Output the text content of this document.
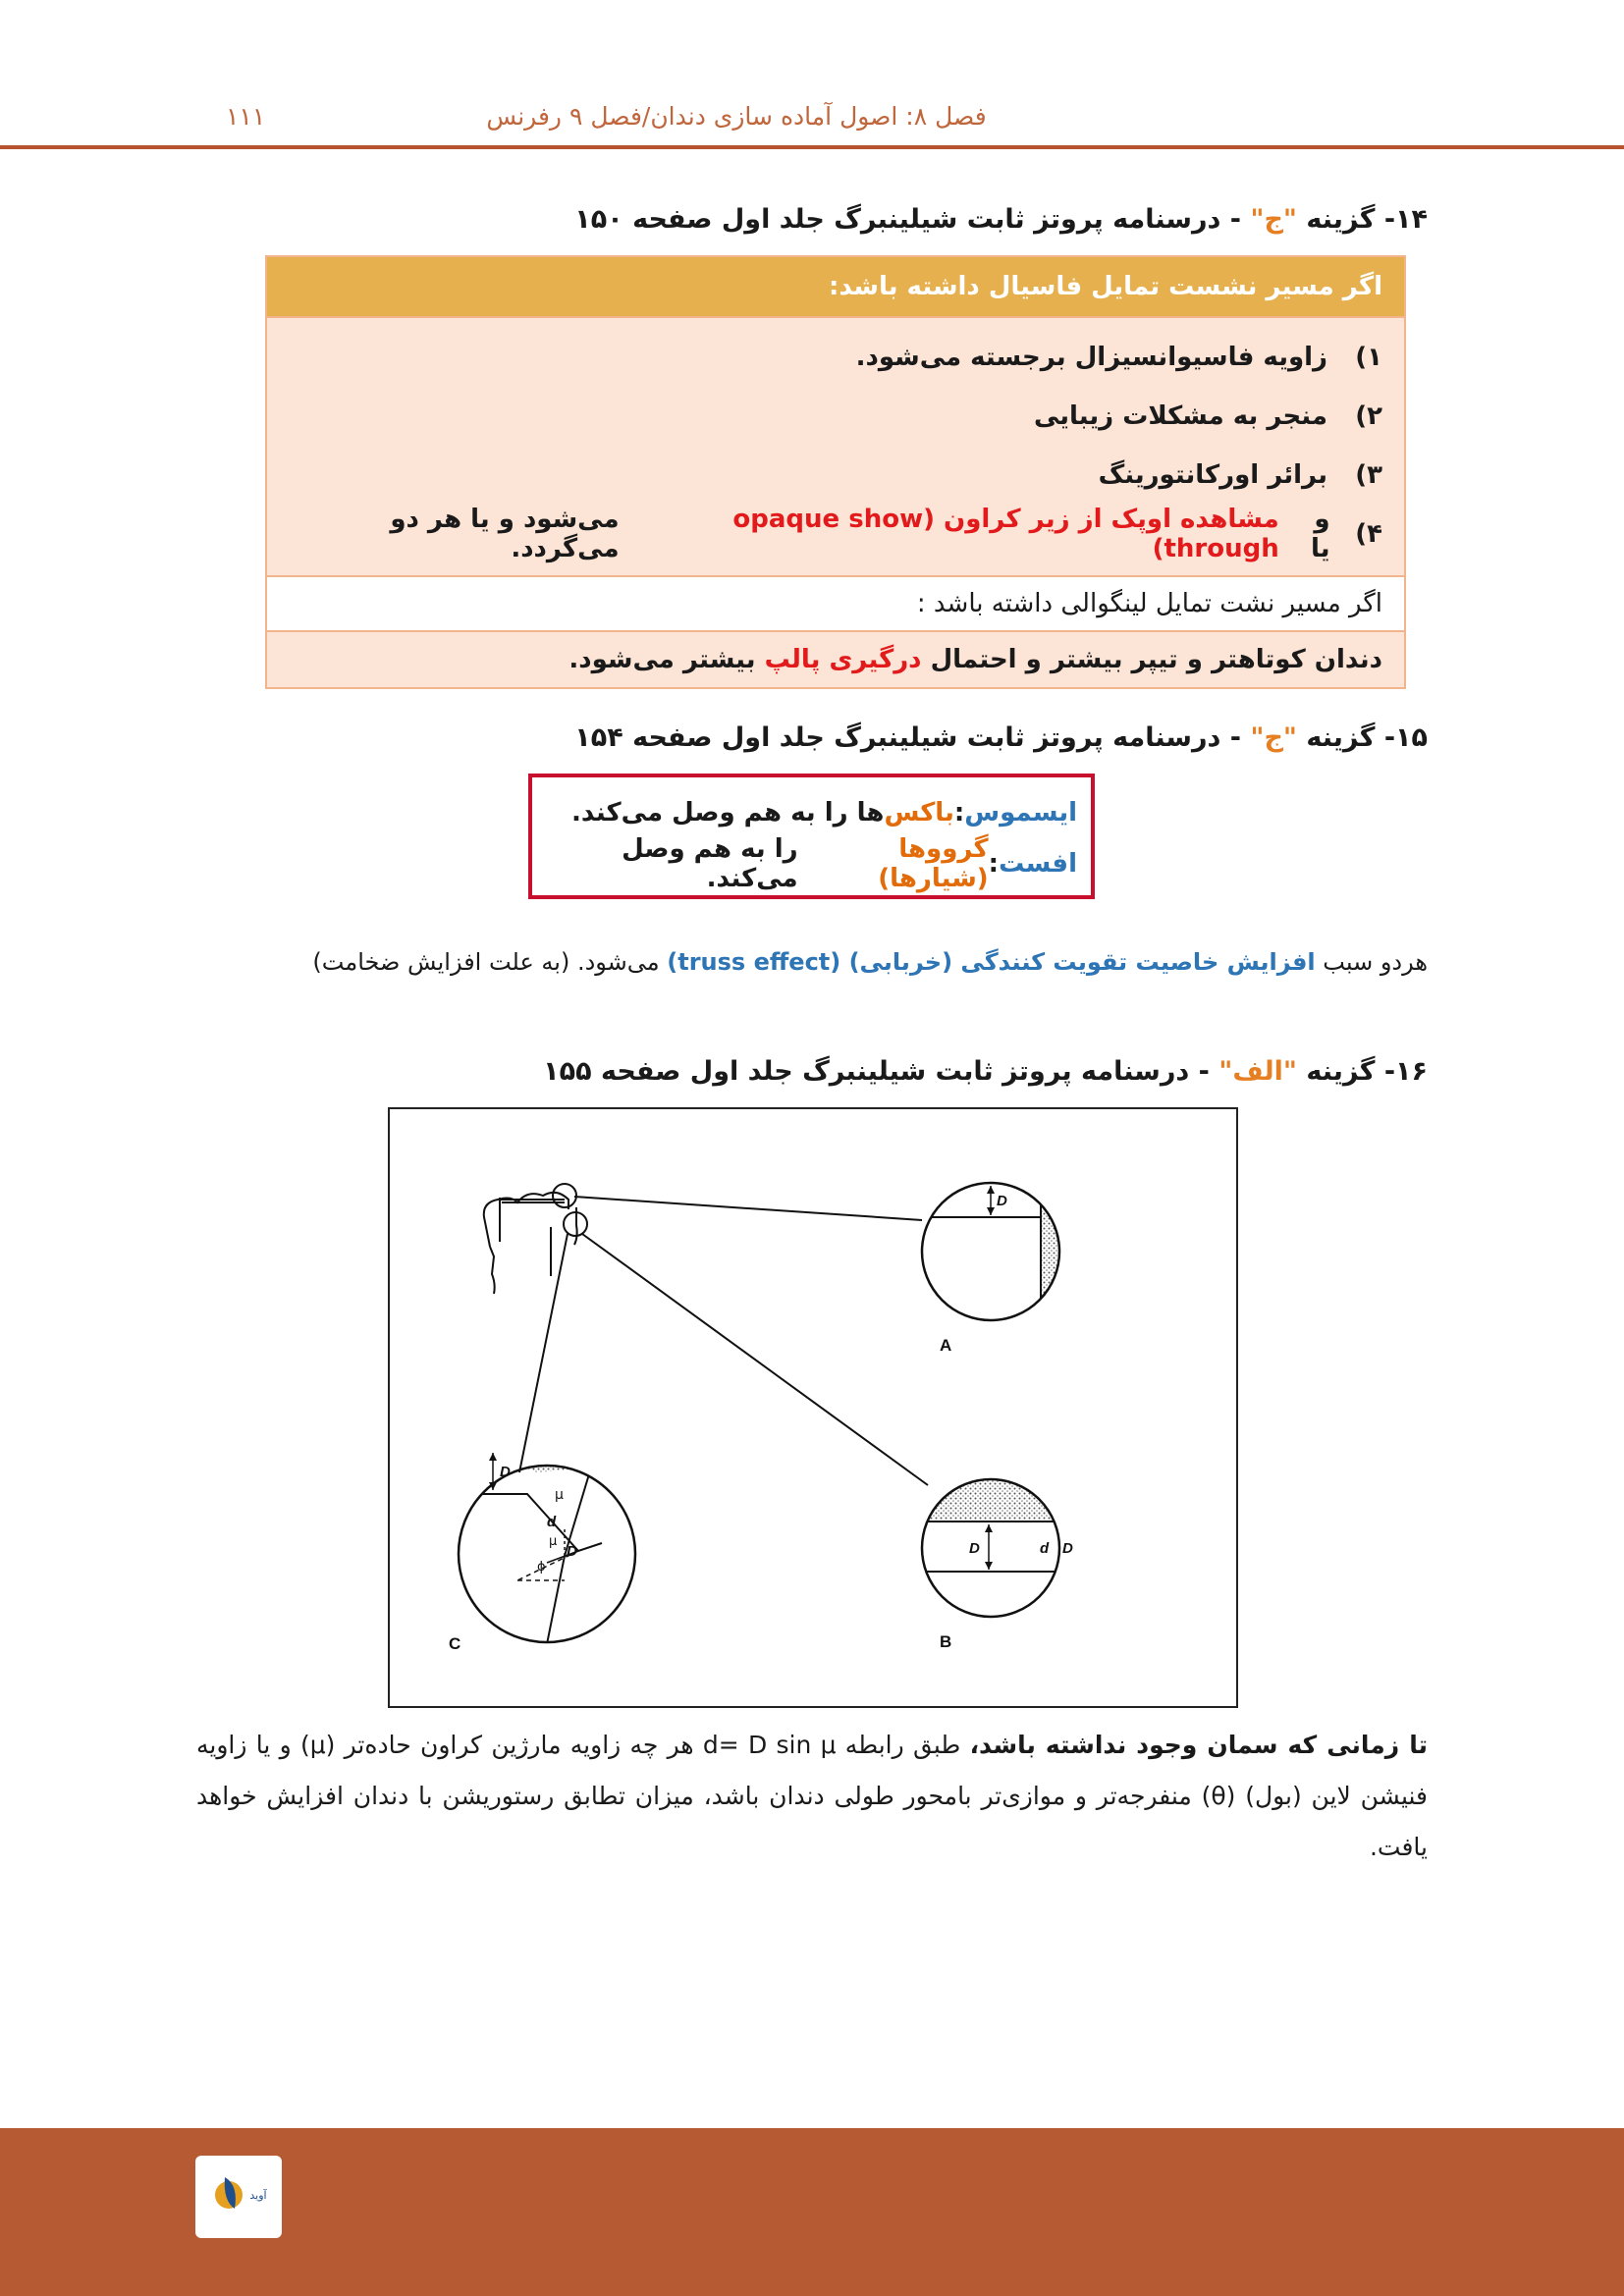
فصل ۸: اصول آماده سازی دندان/فصل ۹ رفرنس
۱۱۱
۱۴- گزینه "ج" - درسنامه پروتز ثابت شیلینبرگ جلد اول صفحه ۱۵۰
اگر مسیر نشست تمایل فاسیال داشته باشد:
۱)
زاویه فاسیوانسیزال برجسته می‌شود.
۲)
منجر به مشکلات زیبایی
۳)
برائر اورکانتورینگ
۴)
و یا

مشاهده اوپک از زیر کراون (opaque show through)

می‌شود و یا هر دو می‌گردد.
اگر مسیر نشت تمایل لینگوالی داشته باشد :
دندان کوتاهتر و تیپر بیشتر و احتمال

درگیری پالپ

بیشتر می‌شود.
۱۵- گزینه "ج" - درسنامه پروتز ثابت شیلینبرگ جلد اول صفحه ۱۵۴
ایسموس
:
باکس
ها را به هم وصل می‌کند.
افست
:
گرووها (شیارها)
را به هم وصل می‌کند.
هردو سبب افزایش خاصیت تقویت کنندگی (خربابی) (truss effect) می‌شود. (به علت افزایش ضخامت)
۱۶- گزینه "الف" - درسنامه پروتز ثابت شیلینبرگ جلد اول صفحه ۱۵۵
D
A
D	d D
B
D
d
μ
μ
D
ϕ
C
تا زمانی که سمان وجود نداشته باشد، طبق رابطه d= D sin μ هر چه زاویه مارژین کراون حاده‌تر (μ) و یا زاویه فنیشن لاین (بول) (θ) منفرجه‌تر و موازی‌تر بامحور طولی دندان باشد، میزان تطابق رستوریشن با دندان افزایش خواهد یافت.
آوید
